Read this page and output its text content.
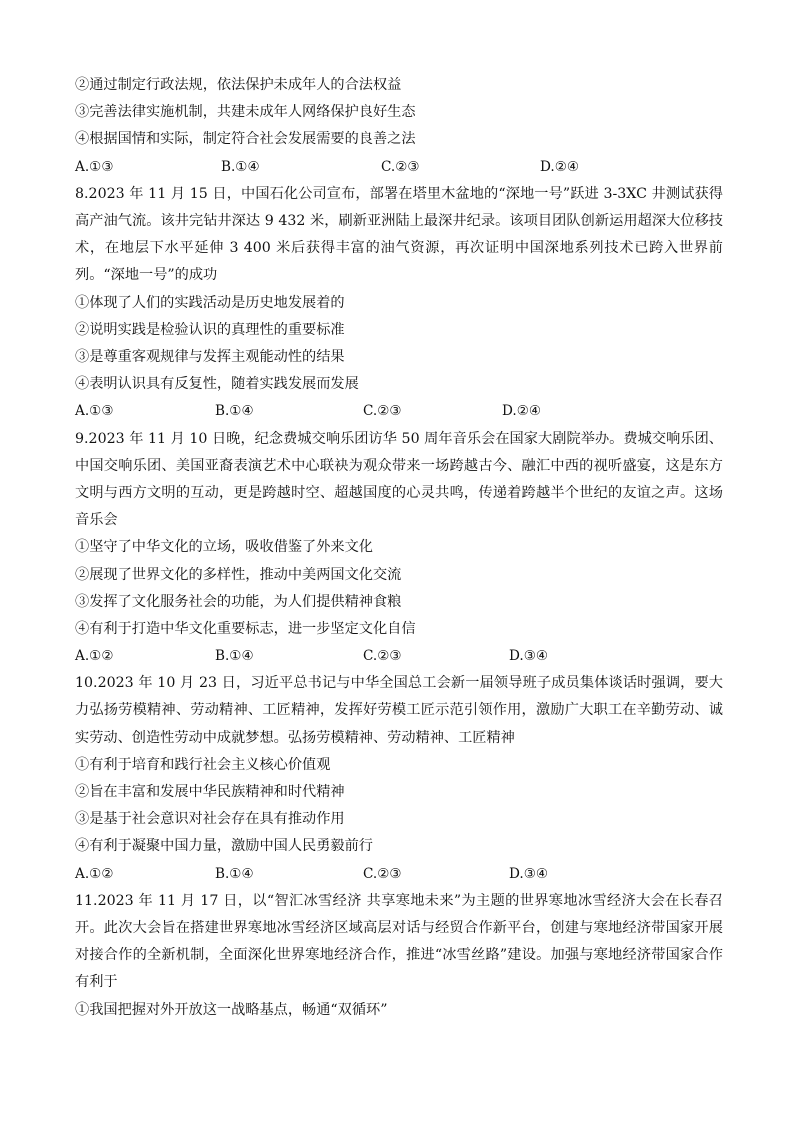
②通过制定行政法规，依法保护未成年人的合法权益
③完善法律实施机制，共建未成年人网络保护良好生态
④根据国情和实际，制定符合社会发展需要的良善之法
A.①③	B.①④	C.②③	D.②④
8.2023 年 11 月 15 日，中国石化公司宣布，部署在塔里木盆地的“深地一号”跃进 3-3XC 井测试获得高产油气流。该井完钻井深达 9 432 米，刷新亚洲陆上最深井纪录。该项目团队创新运用超深大位移技术，在地层下水平延伸 3 400 米后获得丰富的油气资源，再次证明中国深地系列技术已跨入世界前列。“深地一号”的成功
①体现了人们的实践活动是历史地发展着的
②说明实践是检验认识的真理性的重要标准
③是尊重客观规律与发挥主观能动性的结果
④表明认识具有反复性，随着实践发展而发展
A.①③	B.①④	C.②③	D.②④
9.2023 年 11 月 10 日晚，纪念费城交响乐团访华 50 周年音乐会在国家大剧院举办。费城交响乐团、中国交响乐团、美国亚裔表演艺术中心联袂为观众带来一场跨越古今、融汇中西的视听盛宴，这是东方文明与西方文明的互动，更是跨越时空、超越国度的心灵共鸣，传递着跨越半个世纪的友谊之声。这场音乐会
①坚守了中华文化的立场，吸收借鉴了外来文化
②展现了世界文化的多样性，推动中美两国文化交流
③发挥了文化服务社会的功能，为人们提供精神食粮
④有利于打造中华文化重要标志，进一步坚定文化自信
A.①②	B.①④	C.②③	D.③④
10.2023 年 10 月 23 日，习近平总书记与中华全国总工会新一届领导班子成员集体谈话时强调，要大力弘扬劳模精神、劳动精神、工匠精神，发挥好劳模工匠示范引领作用，激励广大职工在辛勤劳动、诚实劳动、创造性劳动中成就梦想。弘扬劳模精神、劳动精神、工匠精神
①有利于培育和践行社会主义核心价值观
②旨在丰富和发展中华民族精神和时代精神
③是基于社会意识对社会存在具有推动作用
④有利于凝聚中国力量，激励中国人民勇毅前行
A.①②	B.①④	C.②③	D.③④
11.2023 年 11 月 17 日，以“智汇冰雪经济 共享寒地未来”为主题的世界寒地冰雪经济大会在长春召开。此次大会旨在搭建世界寒地冰雪经济区域高层对话与经贸合作新平台，创建与寒地经济带国家开展对接合作的全新机制，全面深化世界寒地经济合作，推进“冰雪丝路”建设。加强与寒地经济带国家合作有利于
①我国把握对外开放这一战略基点，畅通“双循环”
